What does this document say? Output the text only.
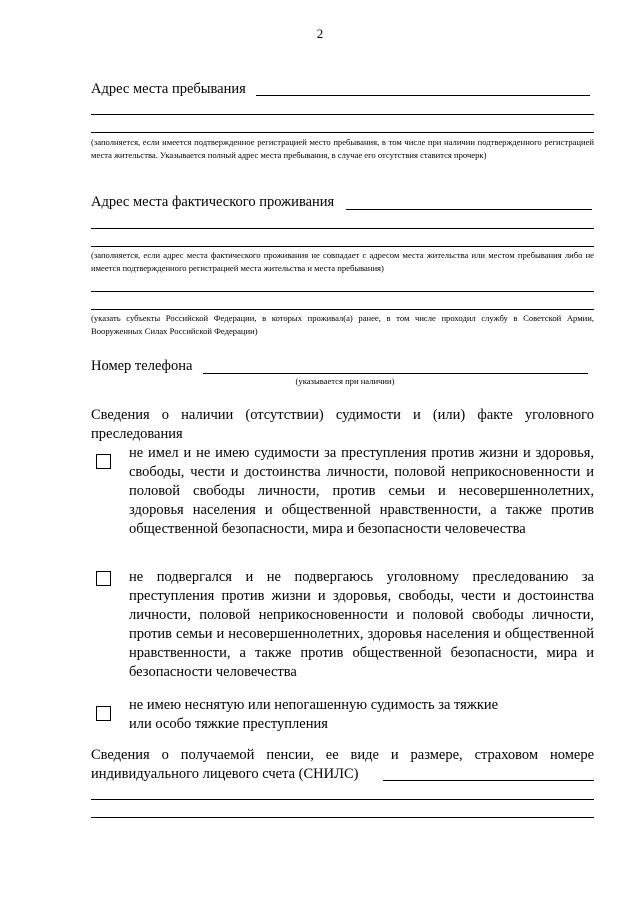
2
Адрес места пребывания
(заполняется, если имеется подтвержденное регистрацией место пребывания, в том числе при наличии подтвержденного регистрацией места жительства. Указывается полный адрес места пребывания, в случае его отсутствия ставится прочерк)
Адрес места фактического проживания
(заполняется, если адрес места фактического проживания не совпадает с адресом места жительства или местом пребывания либо не имеется подтвержденного регистрацией места жительства и места пребывания)
(указать субъекты Российской Федерации, в которых проживал(а) ранее, в том числе проходил службу в Советской Армии, Вооруженных Силах Российской Федерации)
Номер телефона
(указывается при наличии)
Сведения о наличии (отсутствии) судимости и (или) факте уголовного преследования
не имел и не имею судимости за преступления против жизни и здоровья, свободы, чести и достоинства личности, половой неприкосновенности и половой свободы личности, против семьи и несовершеннолетних, здоровья населения и общественной нравственности, а также против общественной безопасности, мира и безопасности человечества
не подвергался и не подвергаюсь уголовному преследованию за преступления против жизни и здоровья, свободы, чести и достоинства личности, половой неприкосновенности и половой свободы личности, против семьи и несовершеннолетних, здоровья населения и общественной нравственности, а также против общественной безопасности, мира и безопасности человечества
не имею неснятую или непогашенную судимость за тяжкие
или особо тяжкие преступления
Сведения о получаемой пенсии, ее виде и размере, страховом номере
индивидуального лицевого счета (СНИЛС)
